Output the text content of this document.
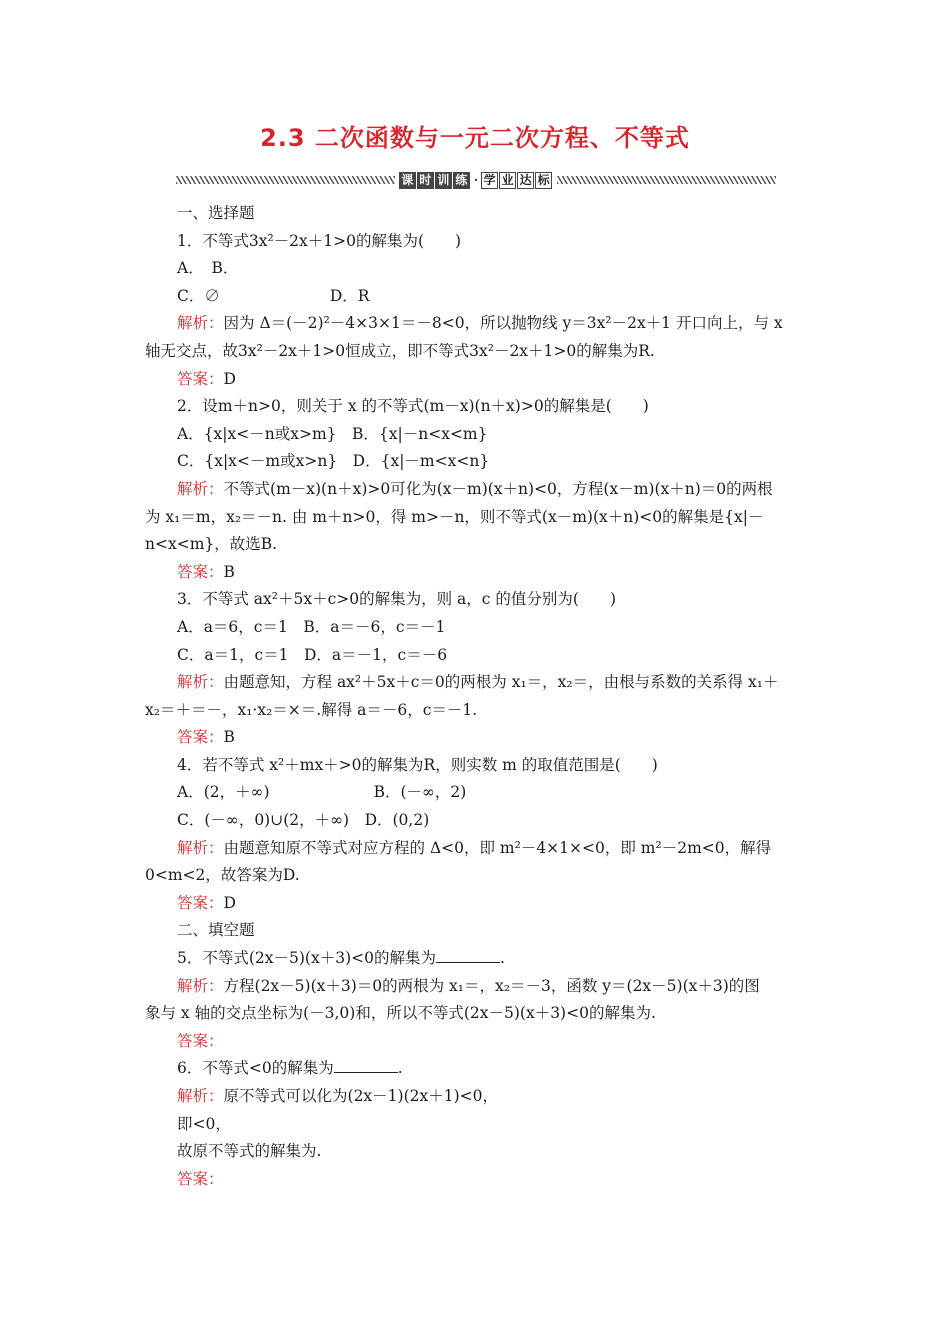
2.3 二次函数与一元二次方程、不等式
课 时 训 练 · 学 业 达 标
一、选择题
1．不等式3x²－2x＋1>0的解集为(　　)
A．　B．
C．∅	D．R
解析：因为 Δ＝(－2)²－4×3×1＝－8<0，所以抛物线 y＝3x²－2x＋1 开口向上，与 x
轴无交点，故3x²－2x＋1>0恒成立，即不等式3x²－2x＋1>0的解集为R.
答案：D
2．设m＋n>0，则关于 x 的不等式(m－x)(n＋x)>0的解集是(　　)
A．{x|x<－n或x>m}　B．{x|－n<x<m}
C．{x|x<－m或x>n}　D．{x|－m<x<n}
解析：不等式(m－x)(n＋x)>0可化为(x－m)(x＋n)<0，方程(x－m)(x＋n)＝0的两根
为 x₁＝m，x₂＝－n. 由 m＋n>0，得 m>－n，则不等式(x－m)(x＋n)<0的解集是{x|－
n<x<m}，故选B.
答案：B
3．不等式 ax²＋5x＋c>0的解集为，则 a，c 的值分别为(　　)
A．a＝6，c＝1　B．a＝－6，c＝－1
C．a＝1，c＝1　D．a＝－1，c＝－6
解析：由题意知，方程 ax²＋5x＋c＝0的两根为 x₁＝，x₂＝，由根与系数的关系得 x₁＋
x₂＝＋＝－，x₁·x₂＝×＝.解得 a＝－6，c＝－1.
答案：B
4．若不等式 x²＋mx＋>0的解集为R，则实数 m 的取值范围是(　　)
A．(2，＋∞)	B．(－∞，2)
C．(－∞，0)∪(2，＋∞)　D．(0,2)
解析：由题意知原不等式对应方程的 Δ<0，即 m²－4×1×<0，即 m²－2m<0，解得
0<m<2，故答案为D.
答案：D
二、填空题
5．不等式(2x－5)(x＋3)<0的解集为	.
解析：方程(2x－5)(x＋3)＝0的两根为 x₁＝，x₂＝－3，函数 y＝(2x－5)(x＋3)的图
象与 x 轴的交点坐标为(－3,0)和，所以不等式(2x－5)(x＋3)<0的解集为.
答案：
6．不等式<0的解集为	.
解析：原不等式可以化为(2x－1)(2x＋1)<0，
即<0，
故原不等式的解集为.
答案：
